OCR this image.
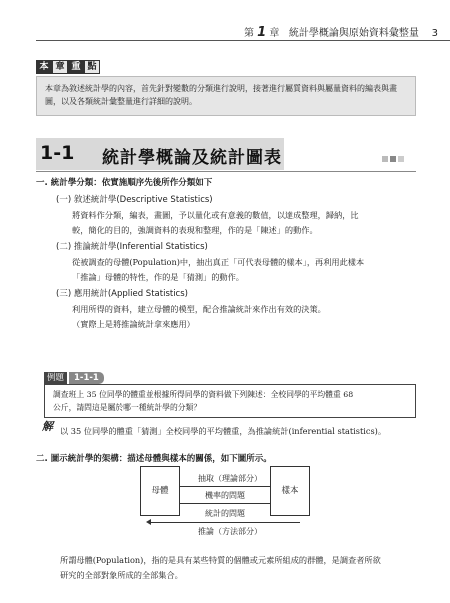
第 1 章 統計學概論與原始資料彙整量 3
本 章 重 點
本章為敘述統計學的內容，首先針對變數的分類進行說明，接著進行屬質資料與屬量資料的編表與畫圖，以及各類統計彙整量進行詳細的說明。
1-1 統計學概論及統計圖表
一. 統計學分類：依實施順序先後所作分類如下
(一) 敘述統計學(Descriptive Statistics)
將資料作分類，編表，畫圖，予以量化或有意義的數值，以達成整理，歸納，比
較，簡化的目的，強調資料的表現和整理，作的是「陳述」的動作。
(二) 推論統計學(Inferential Statistics)
從被調查的母體(Population)中，抽出真正「可代表母體的樣本」，再利用此樣本
「推論」母體的特性，作的是「猜測」的動作。
(三) 應用統計(Applied Statistics)
利用所得的資料，建立母體的模型，配合推論統計來作出有效的決策。
（實際上是將推論統計拿來應用）
例題	1-1-1
調查班上 35 位同學的體重並根據所得同學的資料做下列陳述：全校同學的平均體重 68
公斤，請問這是屬於哪一種統計學的分類？
解 以 35 位同學的體重「猜測」全校同學的平均體重，為推論統計(inferential statistics)。
二. 圖示統計學的架構：描述母體與樣本的關係，如下圖所示。
抽取（理論部分）
母體	樣本
機率的問題
統計的問題
推論（方法部分）
所謂母體(Population)，指的是具有某些特質的個體或元素所組成的群體，是調查者所欲
研究的全部對象所成的全部集合。
